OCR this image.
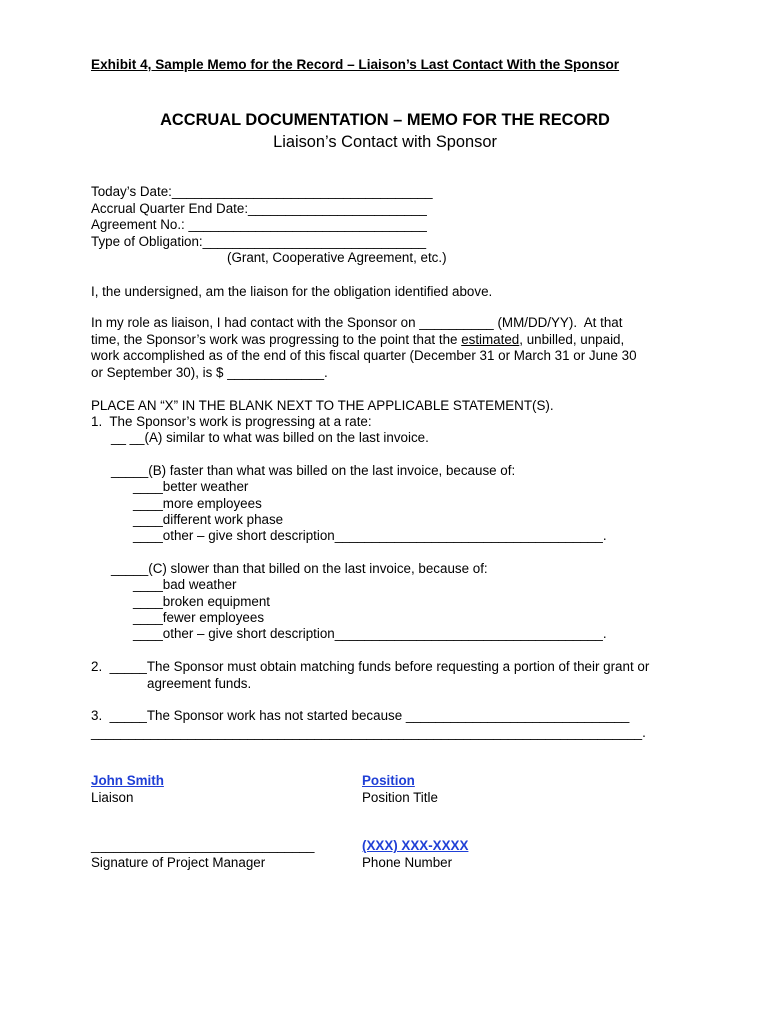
Exhibit 4, Sample Memo for the Record – Liaison’s Last Contact With the Sponsor
ACCRUAL DOCUMENTATION – MEMO FOR THE RECORD
Liaison’s Contact with Sponsor
Today’s Date:___________________________________
Accrual Quarter End Date:________________________
Agreement No.: ________________________________
Type of Obligation:______________________________
(Grant, Cooperative Agreement, etc.)
I, the undersigned, am the liaison for the obligation identified above.
In my role as liaison, I had contact with the Sponsor on __________ (MM/DD/YY).  At that
time, the Sponsor’s work was progressing to the point that the estimated, unbilled, unpaid,
work accomplished as of the end of this fiscal quarter (December 31 or March 31 or June 30
or September 30), is $ _____________.
PLACE AN “X” IN THE BLANK NEXT TO THE APPLICABLE STATEMENT(S).
1.  The Sponsor’s work is progressing at a rate:
__ __(A) similar to what was billed on the last invoice.
_____(B) faster than what was billed on the last invoice, because of:
____better weather
____more employees
____different work phase
____other – give short description____________________________________.
_____(C) slower than that billed on the last invoice, because of:
____bad weather
____broken equipment
____fewer employees
____other – give short description____________________________________.
2.  _____The Sponsor must obtain matching funds before requesting a portion of their grant or
agreement funds.
3.  _____The Sponsor work has not started because ______________________________
__________________________________________________________________________.
John Smith
Liaison
Position
Position Title
______________________________
Signature of Project Manager
(XXX) XXX-XXXX
Phone Number
